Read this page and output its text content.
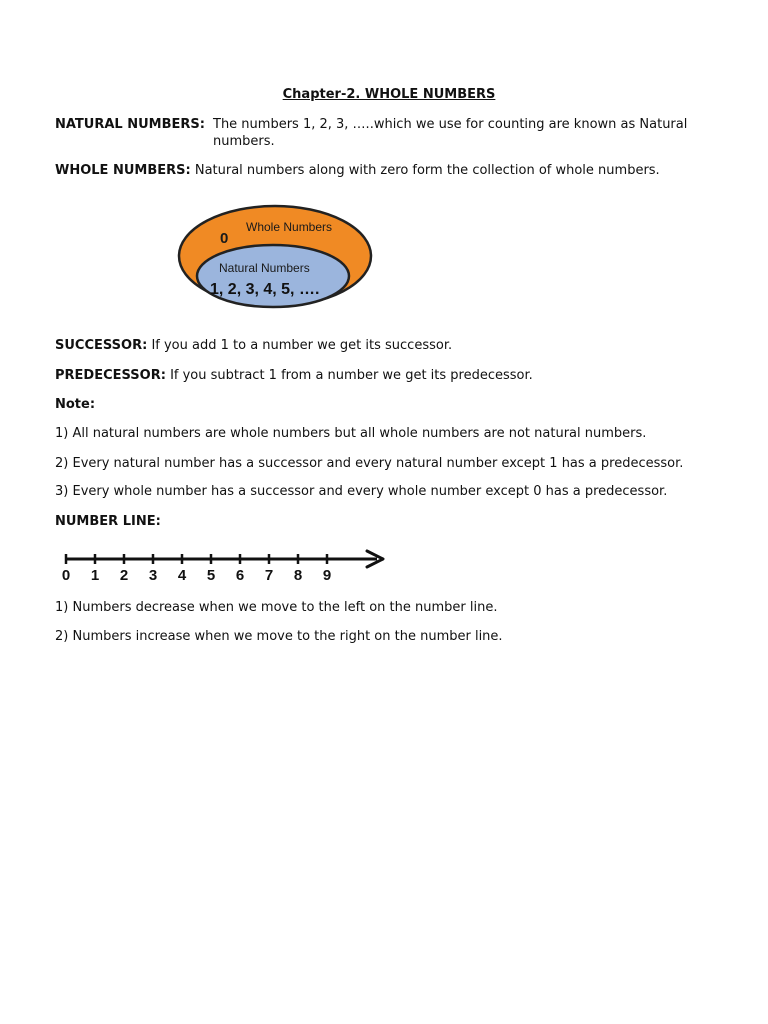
Chapter-2. WHOLE NUMBERS
NATURAL NUMBERS: The numbers 1, 2, 3, …..which we use for counting are known as Natural numbers.

WHOLE NUMBERS: Natural numbers along with zero form the collection of whole numbers.

Whole Numbers
0
Natural Numbers
1, 2, 3, 4, 5, ….

SUCCESSOR: If you add 1 to a number we get its successor.

PREDECESSOR: If you subtract 1 from a number we get its predecessor.

Note:

1) All natural numbers are whole numbers but all whole numbers are not natural numbers.

2) Every natural number has a successor and every natural number except 1 has a predecessor.

3) Every whole number has a successor and every whole number except 0 has a predecessor.

NUMBER LINE:

0 1 2 3 4 5 6 7 8 9

1) Numbers decrease when we move to the left on the number line.

2) Numbers increase when we move to the right on the number line.
